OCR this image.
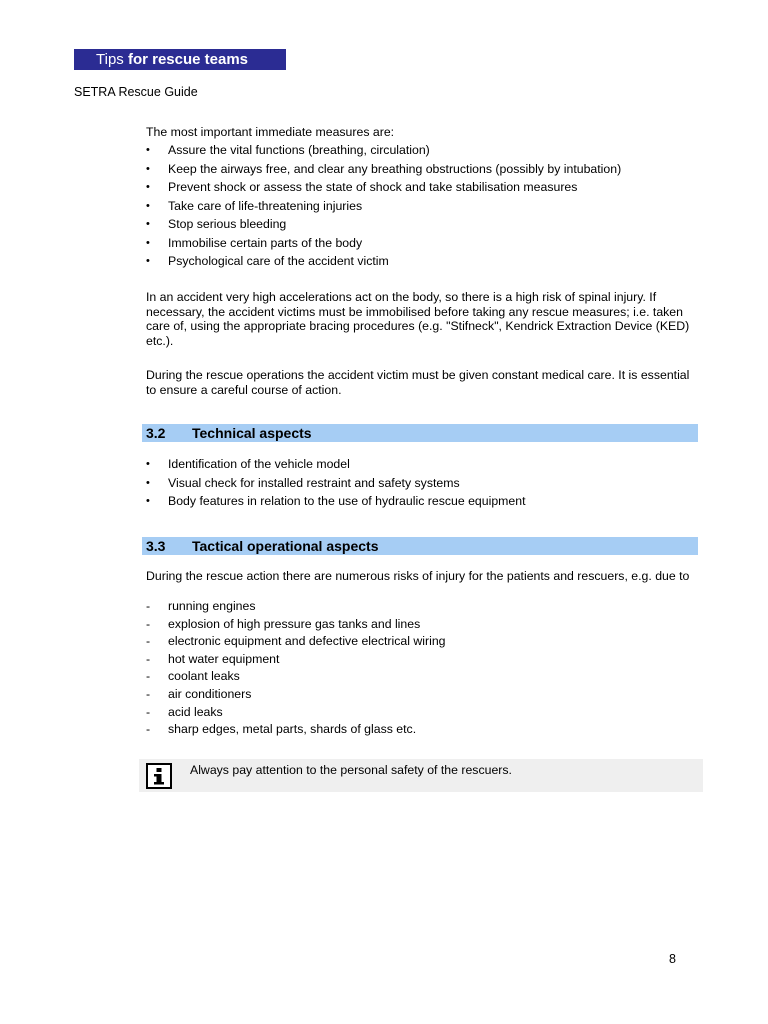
Tips for rescue teams
SETRA Rescue Guide

The most important immediate measures are:

• Assure the vital functions (breathing, circulation)
• Keep the airways free, and clear any breathing obstructions (possibly by intubation)
• Prevent shock or assess the state of shock and take stabilisation measures
• Take care of life-threatening injuries
• Stop serious bleeding
• Immobilise certain parts of the body
• Psychological care of the accident victim

In an accident very high accelerations act on the body, so there is a high risk of spinal injury. If necessary, the accident victims must be immobilised before taking any rescue measures; i.e. taken care of, using the appropriate bracing procedures (e.g. "Stifneck", Kendrick Extraction Device (KED) etc.).

During the rescue operations the accident victim must be given constant medical care. It is essential to ensure a careful course of action.

3.2 Technical aspects
• Identification of the vehicle model
• Visual check for installed restraint and safety systems
• Body features in relation to the use of hydraulic rescue equipment
3.3 Tactical operational aspects

During the rescue action there are numerous risks of injury for the patients and rescuers, e.g. due to

- running engines
- explosion of high pressure gas tanks and lines
- electronic equipment and defective electrical wiring
- hot water equipment
- coolant leaks
- air conditioners
- acid leaks
- sharp edges, metal parts, shards of glass etc.
Always pay attention to the personal safety of the rescuers.
8
